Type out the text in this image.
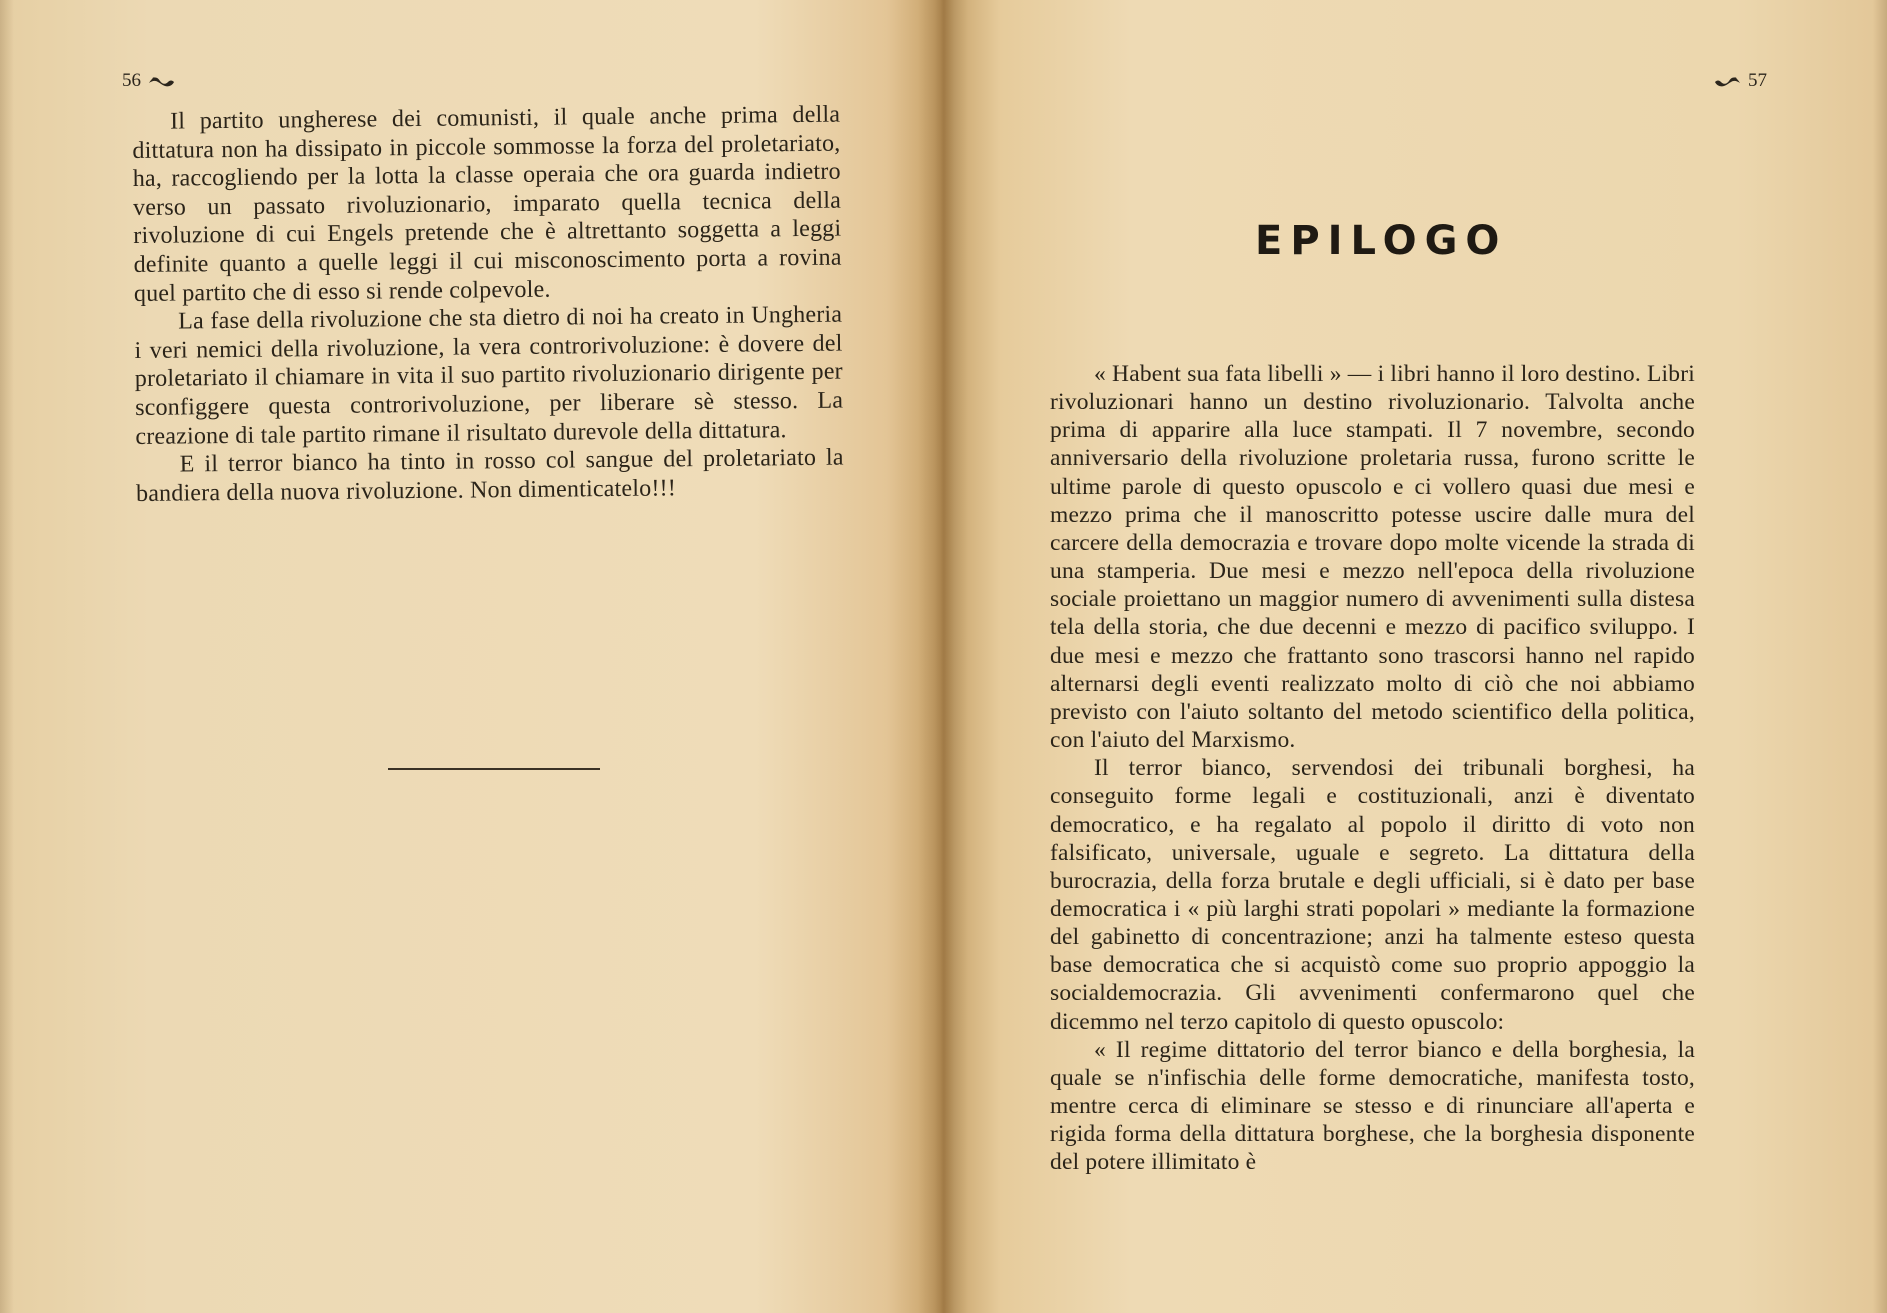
56

Il partito ungherese dei comunisti, il quale anche prima della dittatura non ha dissipato in piccole sommosse la forza del proletariato, ha, raccogliendo per la lotta la classe operaia che ora guarda indietro verso un passato rivoluzionario, imparato quella tecnica della rivoluzione di cui Engels pretende che è altrettanto soggetta a leggi definite quanto a quelle leggi il cui misconoscimento porta a rovina quel partito che di esso si rende colpevole.

La fase della rivoluzione che sta dietro di noi ha creato in Ungheria i veri nemici della rivoluzione, la vera controrivoluzione: è dovere del proletariato il chiamare in vita il suo partito rivoluzionario dirigente per sconfiggere questa controrivoluzione, per liberare sè stesso. La creazione di tale partito rimane il risultato durevole della dittatura.

E il terror bianco ha tinto in rosso col sangue del proletariato la bandiera della nuova rivoluzione. Non dimenticatelo!!!

57
EPILOGO

« Habent sua fata libelli » — i libri hanno il loro destino. Libri rivoluzionari hanno un destino rivoluzionario. Talvolta anche prima di apparire alla luce stampati. Il 7 novembre, secondo anniversario della rivoluzione proletaria russa, furono scritte le ultime parole di questo opuscolo e ci vollero quasi due mesi e mezzo prima che il manoscritto potesse uscire dalle mura del carcere della democrazia e trovare dopo molte vicende la strada di una stamperia. Due mesi e mezzo nell'epoca della rivoluzione sociale proiettano un maggior numero di avvenimenti sulla distesa tela della storia, che due decenni e mezzo di pacifico sviluppo. I due mesi e mezzo che frattanto sono trascorsi hanno nel rapido alternarsi degli eventi realizzato molto di ciò che noi abbiamo previsto con l'aiuto soltanto del metodo scientifico della politica, con l'aiuto del Marxismo.

Il terror bianco, servendosi dei tribunali borghesi, ha conseguito forme legali e costituzionali, anzi è diventato democratico, e ha regalato al popolo il diritto di voto non falsificato, universale, uguale e segreto. La dittatura della burocrazia, della forza brutale e degli ufficiali, si è dato per base democratica i « più larghi strati popolari » mediante la formazione del gabinetto di concentrazione; anzi ha talmente esteso questa base democratica che si acquistò come suo proprio appoggio la socialdemocrazia. Gli avvenimenti confermarono quel che dicemmo nel terzo capitolo di questo opuscolo:

« Il regime dittatorio del terror bianco e della borghesia, la quale se n'infischia delle forme democratiche, manifesta tosto, mentre cerca di eliminare se stesso e di rinunciare all'aperta e rigida forma della dittatura borghese, che la borghesia disponente del potere illimitato è
